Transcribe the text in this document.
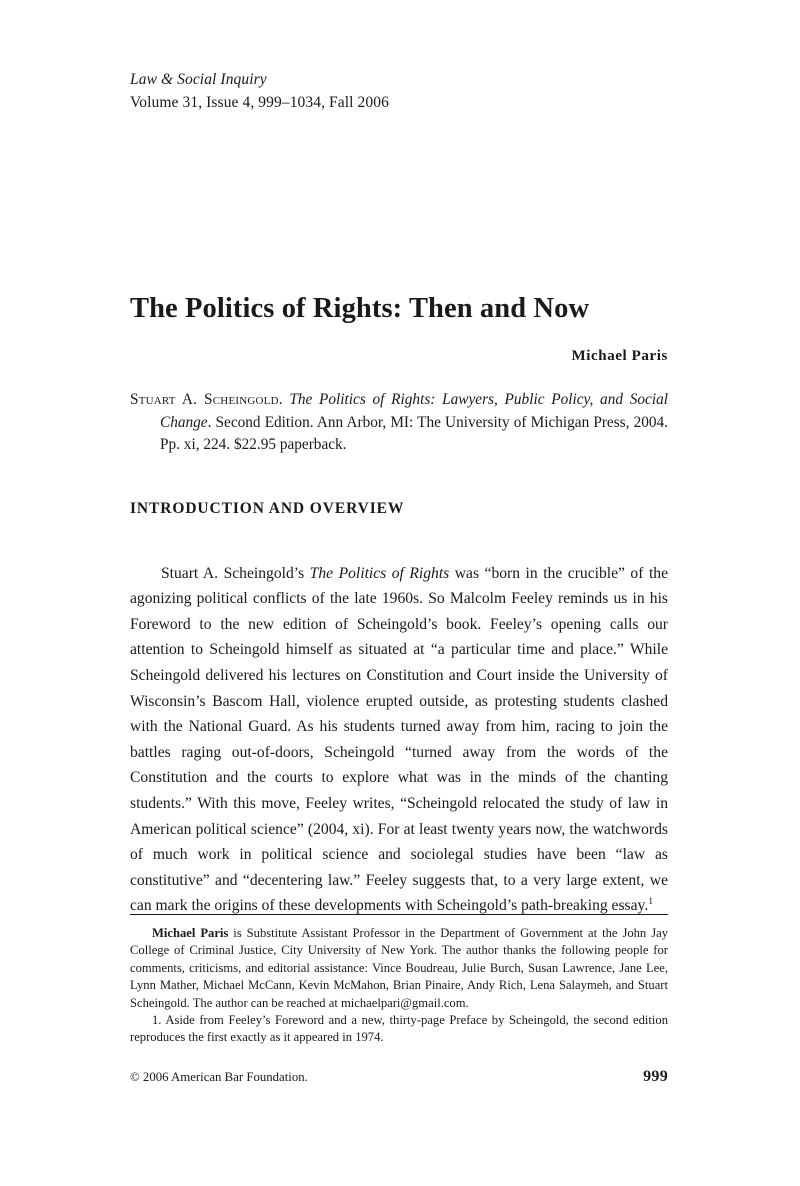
Law & Social Inquiry
Volume 31, Issue 4, 999–1034, Fall 2006
The Politics of Rights: Then and Now
Michael Paris
Stuart A. Scheingold. The Politics of Rights: Lawyers, Public Policy, and Social Change. Second Edition. Ann Arbor, MI: The University of Michigan Press, 2004. Pp. xi, 224. $22.95 paperback.
INTRODUCTION AND OVERVIEW

Stuart A. Scheingold’s The Politics of Rights was “born in the crucible” of the agonizing political conflicts of the late 1960s. So Malcolm Feeley reminds us in his Foreword to the new edition of Scheingold’s book. Feeley’s opening calls our attention to Scheingold himself as situated at “a particular time and place.” While Scheingold delivered his lectures on Constitution and Court inside the University of Wisconsin’s Bascom Hall, violence erupted outside, as protesting students clashed with the National Guard. As his students turned away from him, racing to join the battles raging out-of-doors, Scheingold “turned away from the words of the Constitution and the courts to explore what was in the minds of the chanting students.” With this move, Feeley writes, “Scheingold relocated the study of law in American political science” (2004, xi). For at least twenty years now, the watchwords of much work in political science and sociolegal studies have been “law as constitutive” and “decentering law.” Feeley suggests that, to a very large extent, we can mark the origins of these developments with Scheingold’s path-breaking essay.$^1$

Michael Paris is Substitute Assistant Professor in the Department of Government at the John Jay College of Criminal Justice, City University of New York. The author thanks the following people for comments, criticisms, and editorial assistance: Vince Boudreau, Julie Burch, Susan Lawrence, Jane Lee, Lynn Mather, Michael McCann, Kevin McMahon, Brian Pinaire, Andy Rich, Lena Salaymeh, and Stuart Scheingold. The author can be reached at michaelpari@gmail.com.
1. Aside from Feeley’s Foreword and a new, thirty-page Preface by Scheingold, the second edition reproduces the first exactly as it appeared in 1974.
© 2006 American Bar Foundation.	999
